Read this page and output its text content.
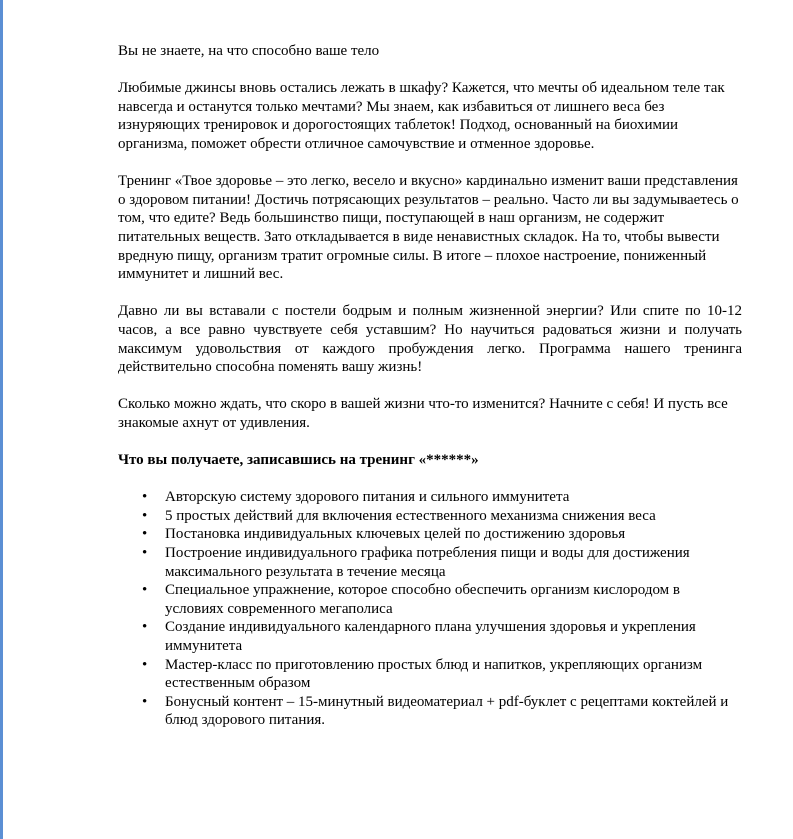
Вы не знаете, на что способно ваше тело

Любимые джинсы вновь остались лежать в шкафу? Кажется, что мечты об идеальном теле так навсегда и останутся только мечтами? Мы знаем, как избавиться от лишнего веса без изнуряющих тренировок и дорогостоящих таблеток! Подход, основанный на биохимии организма, поможет обрести отличное самочувствие и отменное здоровье.

Тренинг «Твое здоровье – это легко, весело и вкусно» кардинально изменит ваши представления о здоровом питании! Достичь потрясающих результатов – реально. Часто ли вы задумываетесь о том, что едите? Ведь большинство пищи, поступающей в наш организм, не содержит питательных веществ. Зато откладывается в виде ненавистных складок. На то, чтобы вывести вредную пищу, организм тратит огромные силы. В итоге – плохое настроение, пониженный иммунитет и лишний вес.

Давно ли вы вставали с постели бодрым и полным жизненной энергии? Или спите по 10-12 часов, а все равно чувствуете себя уставшим? Но научиться радоваться жизни и получать максимум удовольствия от каждого пробуждения легко. Программа нашего тренинга действительно способна поменять вашу жизнь!

Сколько можно ждать, что скоро в вашей жизни что-то изменится? Начните с себя! И пусть все знакомые ахнут от удивления.

Что вы получаете, записавшись на тренинг «******»

• Авторскую систему здорового питания и сильного иммунитета
• 5 простых действий для включения естественного механизма снижения веса
• Постановка индивидуальных ключевых целей по достижению здоровья
• Построение индивидуального графика потребления пищи и воды для достижения максимального результата в течение месяца
• Специальное упражнение, которое способно обеспечить организм кислородом в условиях современного мегаполиса
• Создание индивидуального календарного плана улучшения здоровья и укрепления иммунитета
• Мастер-класс по приготовлению простых блюд и напитков, укрепляющих организм естественным образом
• Бонусный контент – 15-минутный видеоматериал + pdf-буклет с рецептами коктейлей и блюд здорового питания.
